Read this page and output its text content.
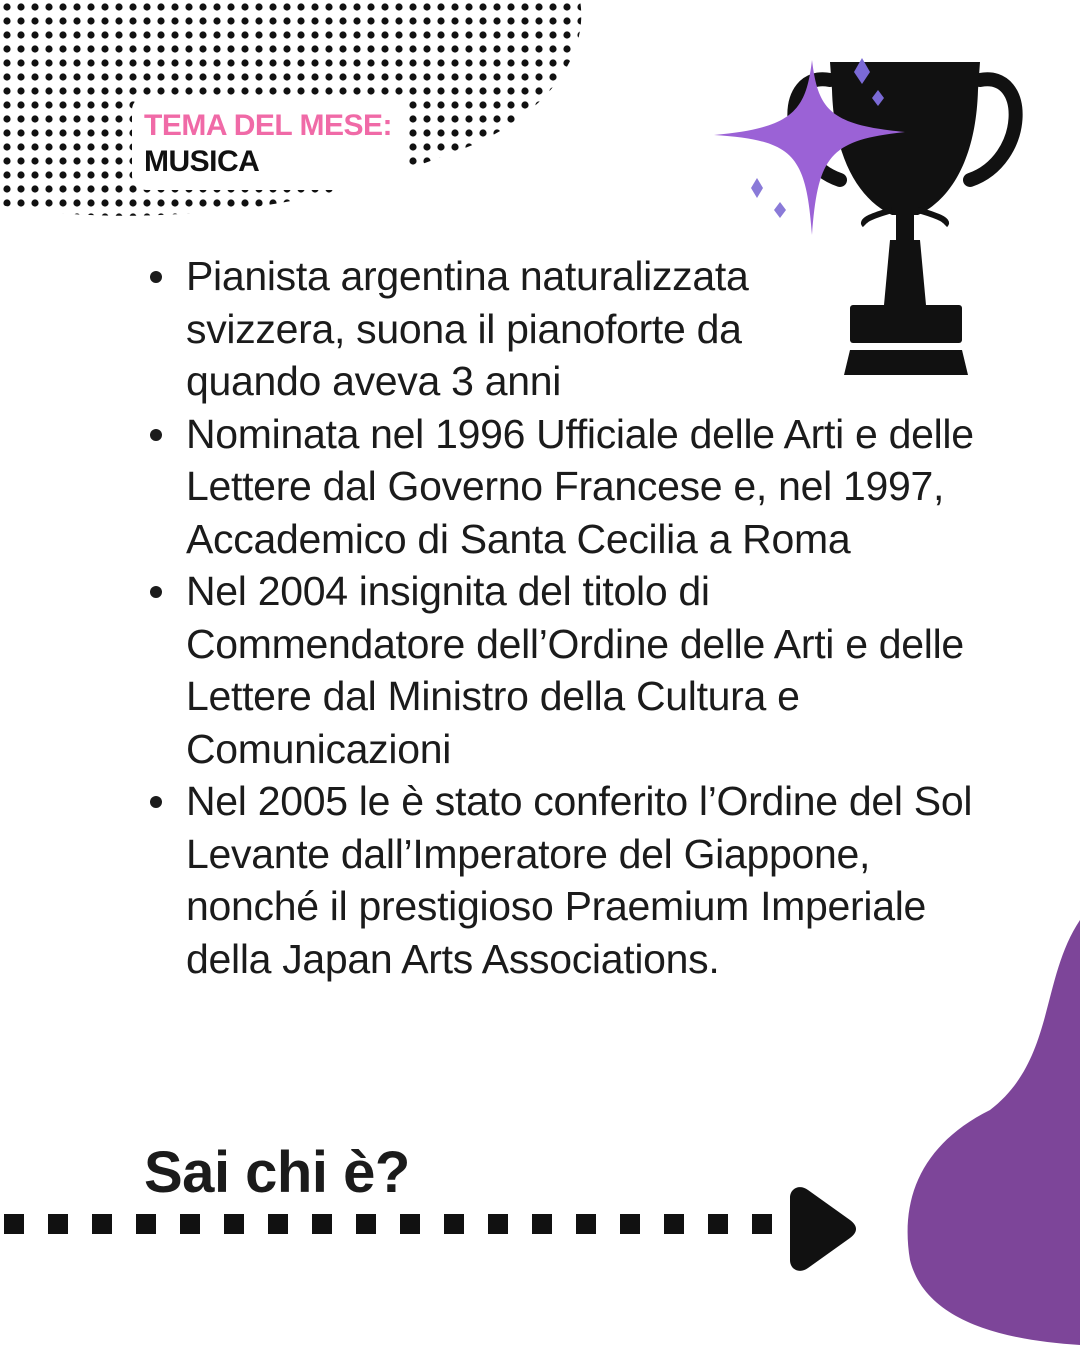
TEMA DEL MESE:
MUSICA
Pianista argentina naturalizzata svizzera, suona il pianoforte da quando aveva 3 anni
Nominata nel 1996 Ufficiale delle Arti e delle Lettere dal Governo Francese e, nel 1997, Accademico di Santa Cecilia a Roma
Nel 2004 insignita del titolo di Commendatore dell’Ordine delle Arti e delle Lettere dal Ministro della Cultura e Comunicazioni
Nel 2005 le è stato conferito l’Ordine del Sol Levante dall’Imperatore del Giappone, nonché il prestigioso Praemium Imperiale della Japan Arts Associations.
Sai chi è?
